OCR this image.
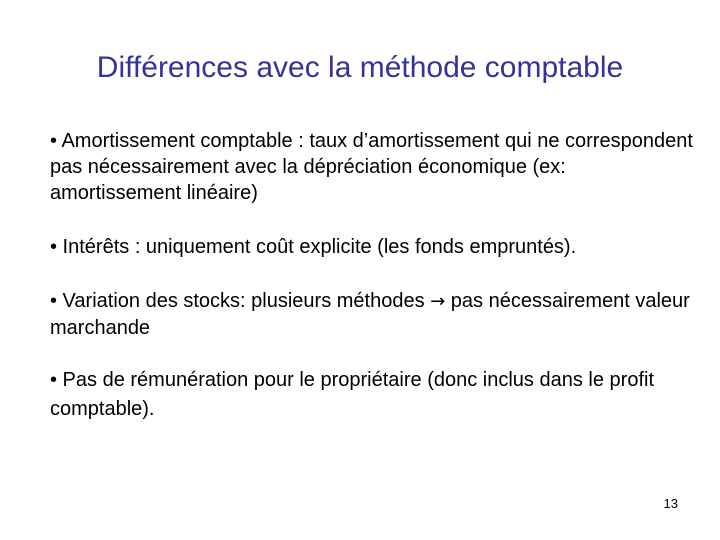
Différences avec la méthode comptable
• Amortissement comptable : taux d’amortissement qui ne correspondent pas nécessairement avec la dépréciation économique (ex: amortissement linéaire)
• Intérêts : uniquement coût explicite (les fonds empruntés).
• Variation des stocks: plusieurs méthodes → pas nécessairement valeur marchande
• Pas de rémunération pour le propriétaire (donc inclus dans le profit comptable).
13
